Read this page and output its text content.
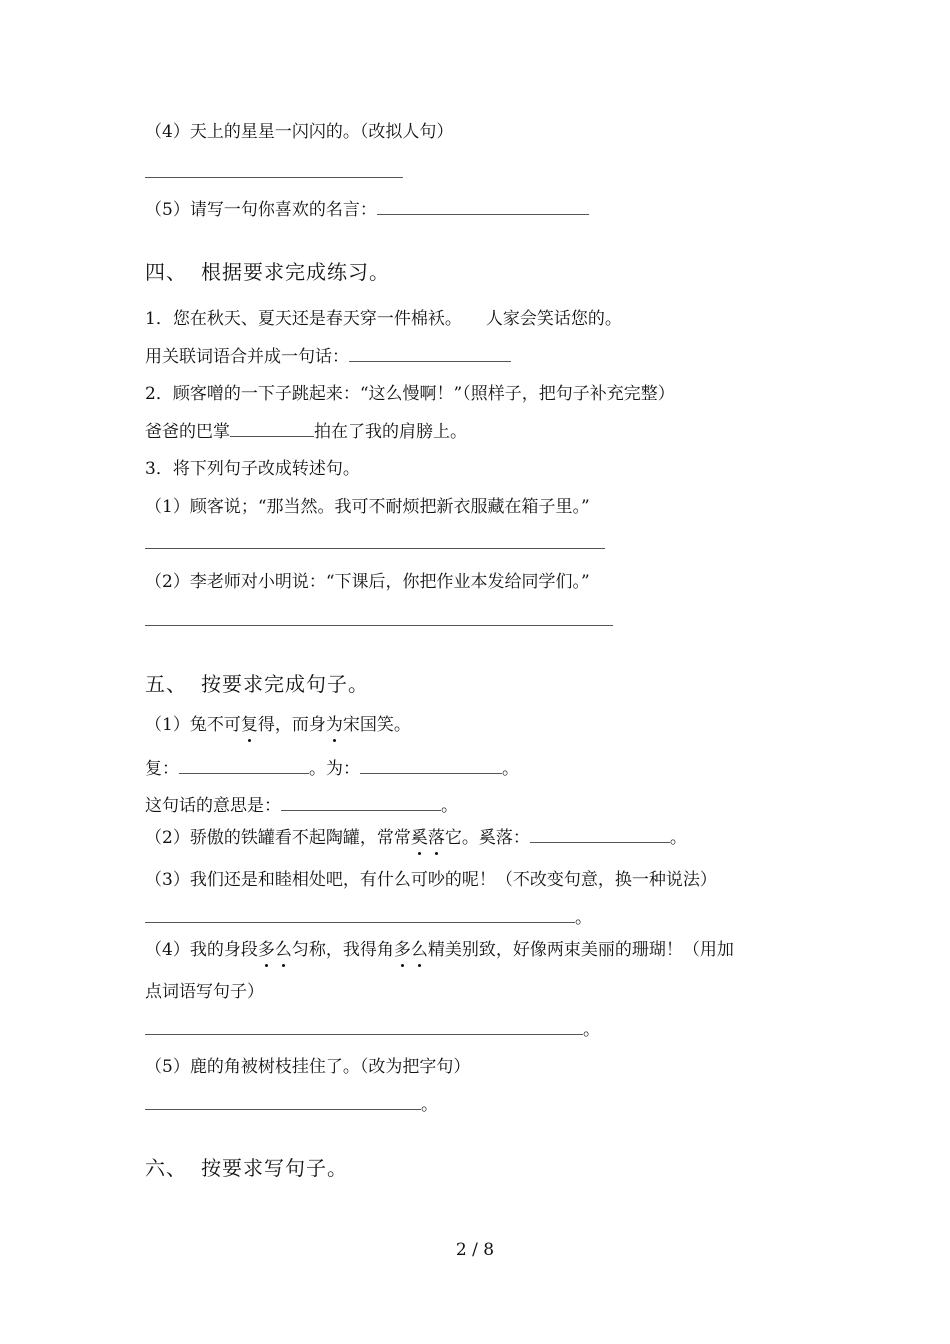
（4）天上的星星一闪闪的。（改拟人句）
（5）请写一句你喜欢的名言：
四、 根据要求完成练习。
1．您在秋天、夏天还是春天穿一件棉袄。 人家会笑话您的。
用关联词语合并成一句话：
2．顾客噌的一下子跳起来：“这么慢啊！”（照样子，把句子补充完整）
爸爸的巴掌	拍在了我的肩膀上。
3．将下列句子改成转述句。
（1）顾客说；“那当然。我可不耐烦把新衣服藏在箱子里。”
（2）李老师对小明说：“下课后，你把作业本发给同学们。”
五、 按要求完成句子。
（1）兔不可复得，而身为宋国笑。
复：	。为：	。
这句话的意思是：	。
（2）骄傲的铁罐看不起陶罐，常常奚落它。奚落：	。
（3）我们还是和睦相处吧，有什么可吵的呢！（不改变句意，换一种说法）
。
（4）我的身段多么匀称，我得角多么精美别致，好像两束美丽的珊瑚！（用加
点词语写句子）
。
（5）鹿的角被树枝挂住了。（改为把字句）
。
六、 按要求写句子。
2 / 8
